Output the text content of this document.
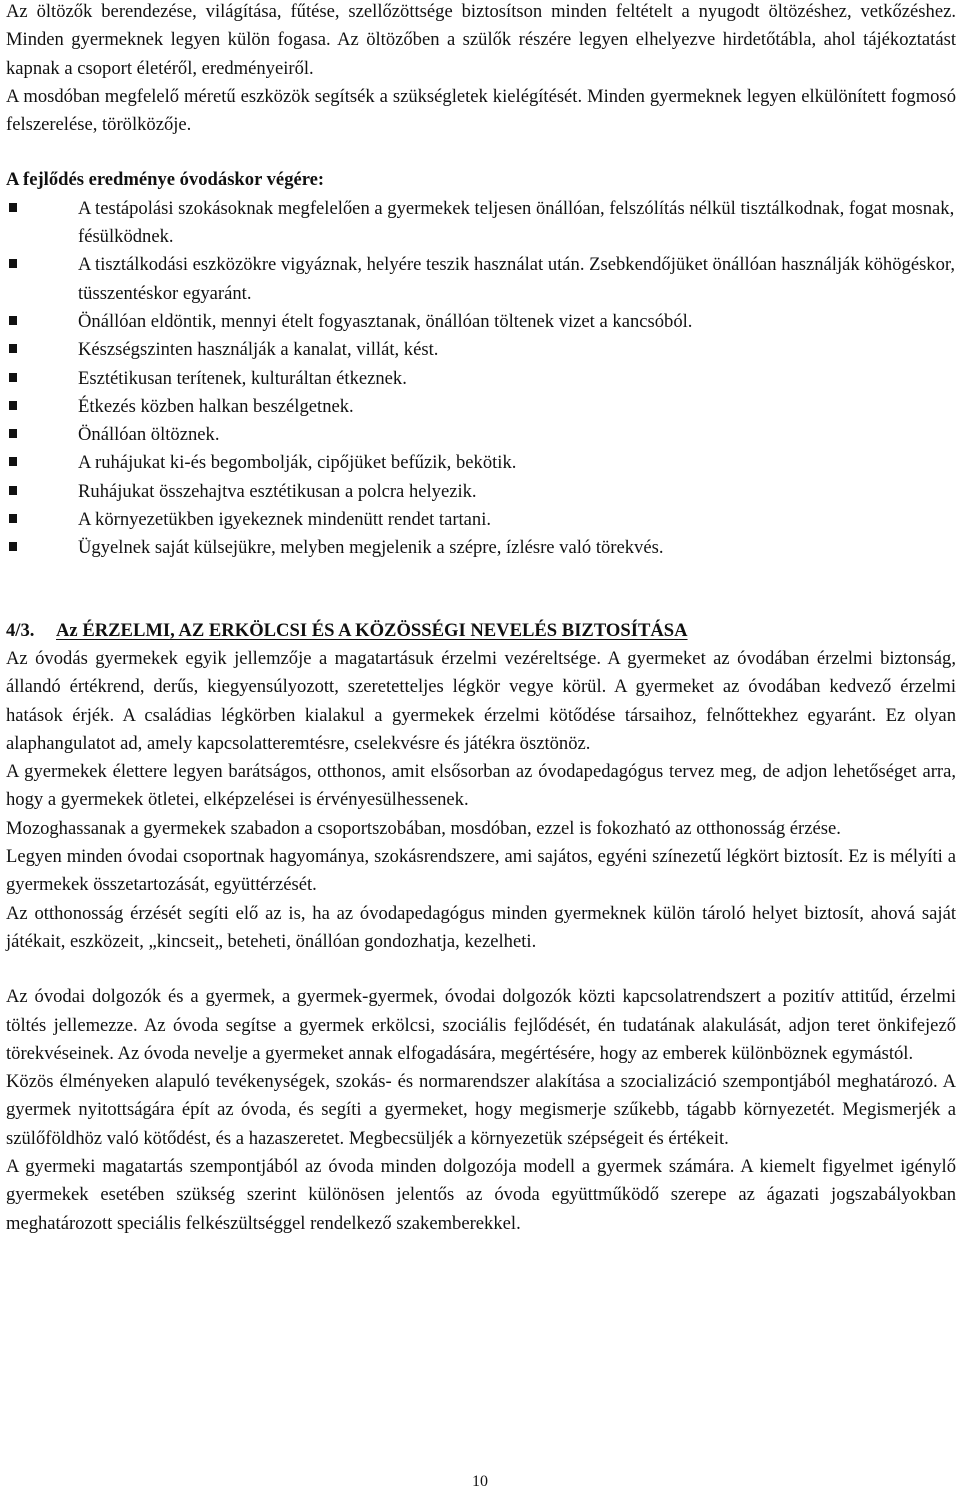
Az öltözők berendezése, világítása, fűtése, szellőzöttsége biztosítson minden feltételt a nyugodt öltözéshez, vetkőzéshez. Minden gyermeknek legyen külön fogasa. Az öltözőben a szülők részére legyen elhelyezve hirdetőtábla, ahol tájékoztatást kapnak a csoport életéről, eredményeiről.

A mosdóban megfelelő méretű eszközök segítsék a szükségletek kielégítését. Minden gyermeknek legyen elkülönített fogmosó felszerelése, törölközője.

A fejlődés eredménye óvodáskor végére:

A testápolási szokásoknak megfelelően a gyermekek teljesen önállóan, felszólítás nélkül tisztálkodnak, fogat mosnak, fésülködnek.
A tisztálkodási eszközökre vigyáznak, helyére teszik használat után. Zsebkendőjüket önállóan használják köhögéskor, tüsszentéskor egyaránt.
Önállóan eldöntik, mennyi ételt fogyasztanak, önállóan töltenek vizet a kancsóból.
Készségszinten használják a kanalat, villát, kést.
Esztétikusan terítenek, kulturáltan étkeznek.
Étkezés közben halkan beszélgetnek.
Önállóan öltöznek.
A ruhájukat ki-és begombolják, cipőjüket befűzik, bekötik.
Ruhájukat összehajtva esztétikusan a polcra helyezik.
A környezetükben igyekeznek mindenütt rendet tartani.
Ügyelnek saját külsejükre, melyben megjelenik a szépre, ízlésre való törekvés.

4/3. Az ÉRZELMI, AZ ERKÖLCSI ÉS A KÖZÖSSÉGI NEVELÉS BIZTOSÍTÁSA

Az óvodás gyermekek egyik jellemzője a magatartásuk érzelmi vezéreltsége. A gyermeket az óvodában érzelmi biztonság, állandó értékrend, derűs, kiegyensúlyozott, szeretetteljes légkör vegye körül. A gyermeket az óvodában kedvező érzelmi hatások érjék. A családias légkörben kialakul a gyermekek érzelmi kötődése társaihoz, felnőttekhez egyaránt. Ez olyan alaphangulatot ad, amely kapcsolatteremtésre, cselekvésre és játékra ösztönöz.

A gyermekek élettere legyen barátságos, otthonos, amit elsősorban az óvodapedagógus tervez meg, de adjon lehetőséget arra, hogy a gyermekek ötletei, elképzelései is érvényesülhessenek.

Mozoghassanak a gyermekek szabadon a csoportszobában, mosdóban, ezzel is fokozható az otthonosság érzése.

Legyen minden óvodai csoportnak hagyománya, szokásrendszere, ami sajátos, egyéni színezetű légkört biztosít. Ez is mélyíti a gyermekek összetartozását, együttérzését.

Az otthonosság érzését segíti elő az is, ha az óvodapedagógus minden gyermeknek külön tároló helyet biztosít, ahová saját játékait, eszközeit, „kincseit„ beteheti, önállóan gondozhatja, kezelheti.

Az óvodai dolgozók és a gyermek, a gyermek-gyermek, óvodai dolgozók közti kapcsolatrendszert a pozitív attitűd, érzelmi töltés jellemezze. Az óvoda segítse a gyermek erkölcsi, szociális fejlődését, én tudatának alakulását, adjon teret önkifejező törekvéseinek. Az óvoda nevelje a gyermeket annak elfogadására, megértésére, hogy az emberek különböznek egymástól.

Közös élményeken alapuló tevékenységek, szokás- és normarendszer alakítása a szocializáció szempontjából meghatározó. A gyermek nyitottságára épít az óvoda, és segíti a gyermeket, hogy megismerje szűkebb, tágabb környezetét. Megismerjék a szülőföldhöz való kötődést, és a hazaszeretet. Megbecsüljék a környezetük szépségeit és értékeit.

A gyermeki magatartás szempontjából az óvoda minden dolgozója modell a gyermek számára. A kiemelt figyelmet igénylő gyermekek esetében szükség szerint különösen jelentős az óvoda együttműködő szerepe az ágazati jogszabályokban meghatározott speciális felkészültséggel rendelkező szakemberekkel.

10
